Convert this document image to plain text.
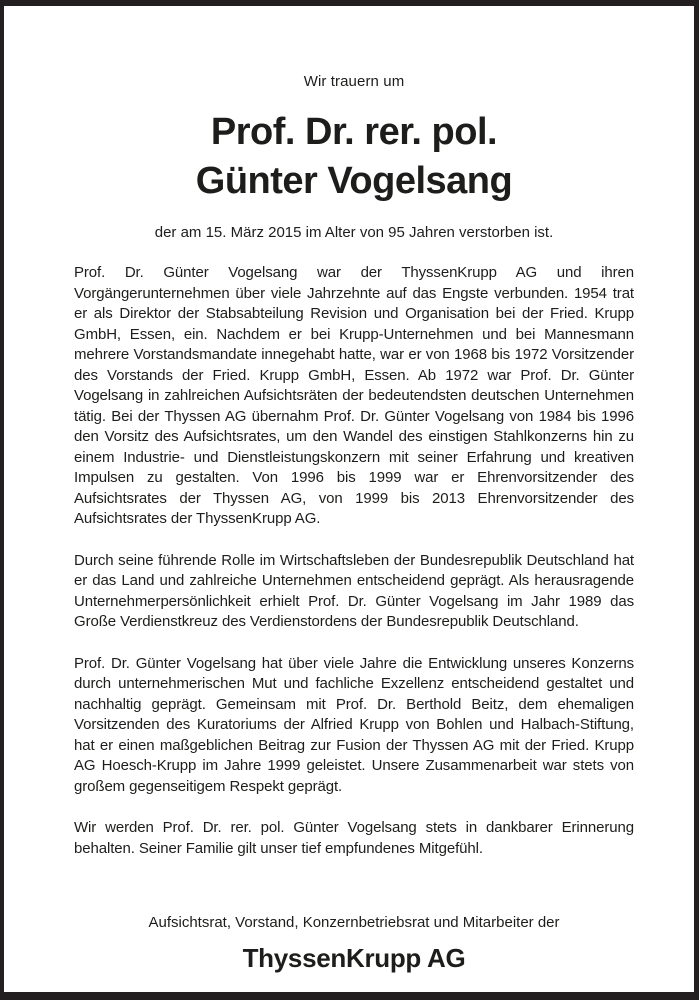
Wir trauern um
Prof. Dr. rer. pol.
Günter Vogelsang
der am 15. März 2015 im Alter von 95 Jahren verstorben ist.

Prof. Dr. Günter Vogelsang war der ThyssenKrupp AG und ihren Vorgängerunternehmen über viele Jahrzehnte auf das Engste verbunden. 1954 trat er als Direktor der Stabsabteilung Revision und Organisation bei der Fried. Krupp GmbH, Essen, ein. Nachdem er bei Krupp-Unternehmen und bei Mannesmann mehrere Vorstandsmandate innegehabt hatte, war er von 1968 bis 1972 Vorsitzender des Vorstands der Fried. Krupp GmbH, Essen. Ab 1972 war Prof. Dr. Günter Vogelsang in zahlreichen Aufsichtsräten der bedeutendsten deutschen Unternehmen tätig. Bei der Thyssen AG übernahm Prof. Dr. Günter Vogelsang von 1984 bis 1996 den Vorsitz des Aufsichtsrates, um den Wandel des einstigen Stahlkonzerns hin zu einem Industrie- und Dienstleistungskonzern mit seiner Erfahrung und kreativen Impulsen zu gestalten. Von 1996 bis 1999 war er Ehrenvorsitzender des Aufsichtsrates der Thyssen AG, von 1999 bis 2013 Ehrenvorsitzender des Aufsichtsrates der ThyssenKrupp AG.

Durch seine führende Rolle im Wirtschaftsleben der Bundesrepublik Deutschland hat er das Land und zahlreiche Unternehmen entscheidend geprägt. Als herausragende Unternehmerpersönlichkeit erhielt Prof. Dr. Günter Vogelsang im Jahr 1989 das Große Verdienstkreuz des Verdienstordens der Bundesrepublik Deutschland.

Prof. Dr. Günter Vogelsang hat über viele Jahre die Entwicklung unseres Konzerns durch unternehmerischen Mut und fachliche Exzellenz entscheidend gestaltet und nachhaltig geprägt. Gemeinsam mit Prof. Dr. Berthold Beitz, dem ehemaligen Vorsitzenden des Kuratoriums der Alfried Krupp von Bohlen und Halbach-Stiftung, hat er einen maßgeblichen Beitrag zur Fusion der Thyssen AG mit der Fried. Krupp AG Hoesch-Krupp im Jahre 1999 geleistet. Unsere Zusammenarbeit war stets von großem gegenseitigem Respekt geprägt.

Wir werden Prof. Dr. rer. pol. Günter Vogelsang stets in dankbarer Erinnerung behalten. Seiner Familie gilt unser tief empfundenes Mitgefühl.

Aufsichtsrat, Vorstand, Konzernbetriebsrat und Mitarbeiter der
ThyssenKrupp AG
